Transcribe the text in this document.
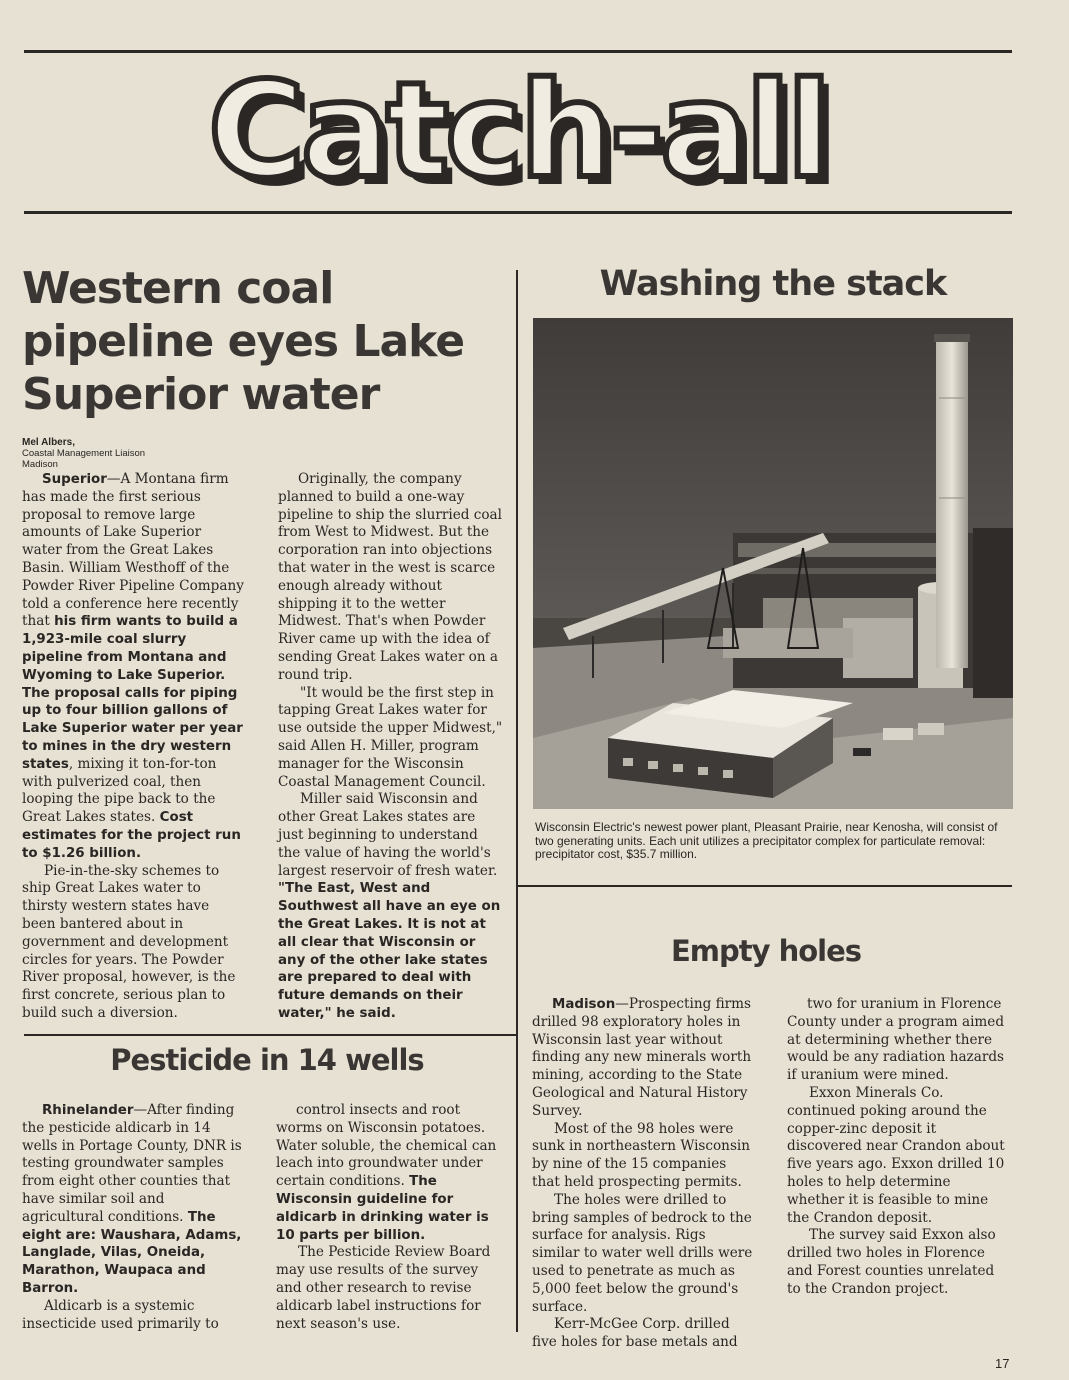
Catch-all
Western coal pipeline eyes Lake Superior water
Mel Albers,
Coastal Management Liaison
Madison

Superior—A Montana firm has made the first serious proposal to remove large amounts of Lake Superior water from the Great Lakes Basin. William Westhoff of the Powder River Pipeline Company told a conference here recently that his firm wants to build a 1,923-mile coal slurry pipeline from Montana and Wyoming to Lake Superior. The proposal calls for piping up to four billion gallons of Lake Superior water per year to mines in the dry western states, mixing it ton-for-ton with pulverized coal, then looping the pipe back to the Great Lakes states. Cost estimates for the project run to $1.26 billion.

Pie-in-the-sky schemes to ship Great Lakes water to thirsty western states have been bantered about in government and development circles for years. The Powder River proposal, however, is the first concrete, serious plan to build such a diversion.

Originally, the company planned to build a one-way pipeline to ship the slurried coal from West to Midwest. But the corporation ran into objections that water in the west is scarce enough already without shipping it to the wetter Midwest. That's when Powder River came up with the idea of sending Great Lakes water on a round trip.

"It would be the first step in tapping Great Lakes water for use outside the upper Midwest," said Allen H. Miller, program manager for the Wisconsin Coastal Management Council.

Miller said Wisconsin and other Great Lakes states are just beginning to understand the value of having the world's largest reservoir of fresh water. "The East, West and Southwest all have an eye on the Great Lakes. It is not at all clear that Wisconsin or any of the other lake states are prepared to deal with future demands on their water," he said.

Washing the stack
Wisconsin Electric's newest power plant, Pleasant Prairie, near Kenosha, will consist of two generating units. Each unit utilizes a precipitator complex for particulate removal: precipitator cost, $35.7 million.
Pesticide in 14 wells

Rhinelander—After finding the pesticide aldicarb in 14 wells in Portage County, DNR is testing groundwater samples from eight other counties that have similar soil and agricultural conditions. The eight are: Waushara, Adams, Langlade, Vilas, Oneida, Marathon, Waupaca and Barron.

Aldicarb is a systemic insecticide used primarily to

control insects and root worms on Wisconsin potatoes. Water soluble, the chemical can leach into groundwater under certain conditions. The Wisconsin guideline for aldicarb in drinking water is 10 parts per billion.

The Pesticide Review Board may use results of the survey and other research to revise aldicarb label instructions for next season's use.

Empty holes

Madison—Prospecting firms drilled 98 exploratory holes in Wisconsin last year without finding any new minerals worth mining, according to the State Geological and Natural History Survey.

Most of the 98 holes were sunk in northeastern Wisconsin by nine of the 15 companies that held prospecting permits.

The holes were drilled to bring samples of bedrock to the surface for analysis. Rigs similar to water well drills were used to penetrate as much as 5,000 feet below the ground's surface.

Kerr-McGee Corp. drilled five holes for base metals and

two for uranium in Florence County under a program aimed at determining whether there would be any radiation hazards if uranium were mined.

Exxon Minerals Co. continued poking around the copper-zinc deposit it discovered near Crandon about five years ago. Exxon drilled 10 holes to help determine whether it is feasible to mine the Crandon deposit.

The survey said Exxon also drilled two holes in Florence and Forest counties unrelated to the Crandon project.

17
